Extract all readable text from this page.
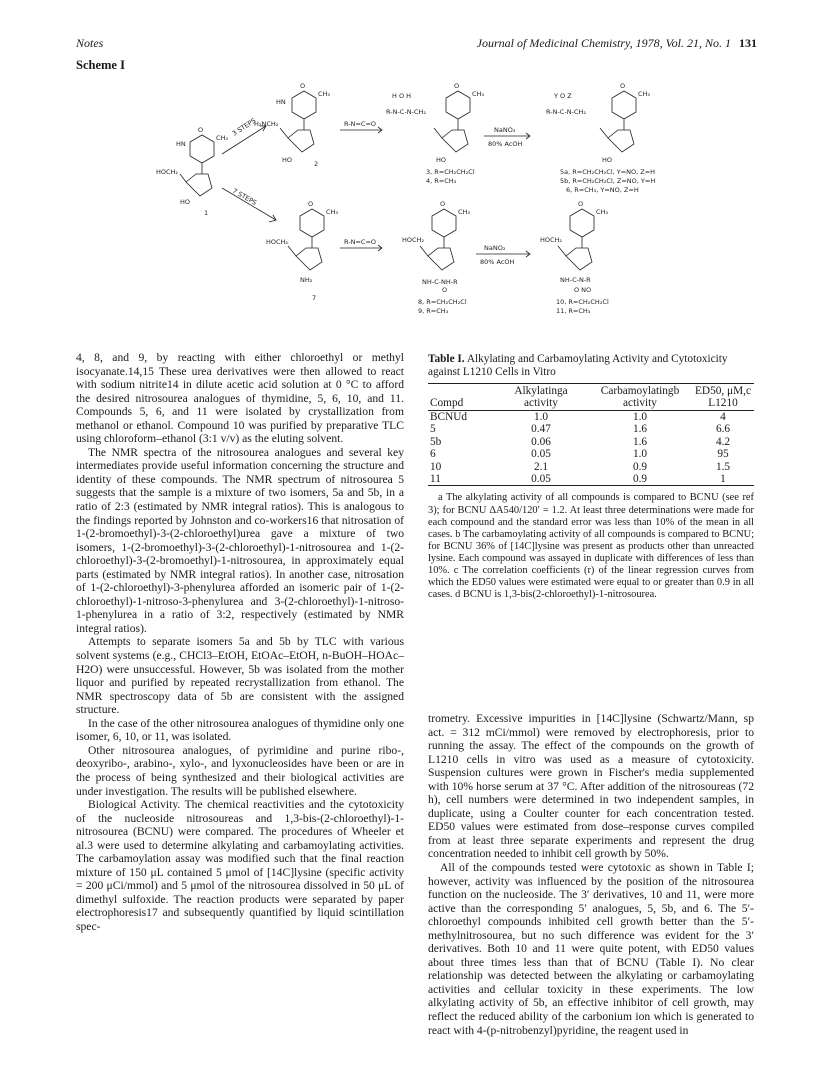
Notes	Journal of Medicinal Chemistry, 1978, Vol. 21, No. 1 131
Scheme I
O
CH₃
HN
HOCH₂
HO
1
O
CH₃
HN
H₂NCH₂
HO	2
R-N=C=O
3 STEPS
7 STEPS
H O H
R-N-C-N-CH₂
O
CH₃
HO
3, R=CH₂CH₂Cl
4, R=CH₃
NaNO₂
80% AcOH
Y O Z
R-N-C-N-CH₂
O
CH₃
HO
5a, R=CH₂CH₂Cl, Y=NO, Z=H
5b, R=CH₂CH₂Cl, Z=NO, Y=H
6, R=CH₃, Y=NO, Z=H
O
CH₃
HOCH₂
NH₂
7
R-N=C=O
O
CH₃
HOCH₂
NH-C-NH-R
O
8, R=CH₂CH₂Cl
9, R=CH₃
NaNO₂
80% AcOH
O
CH₃
HOCH₂
NH-C-N-R
O NO
10, R=CH₂CH₂Cl
11, R=CH₃

4, 8, and 9, by reacting with either chloroethyl or methyl isocyanate.14,15 These urea derivatives were then allowed to react with sodium nitrite14 in dilute acetic acid solution at 0 °C to afford the desired nitrosourea analogues of thymidine, 5, 6, 10, and 11. Compounds 5, 6, and 11 were isolated by crystallization from methanol or ethanol. Compound 10 was purified by preparative TLC using chloroform–ethanol (3:1 v/v) as the eluting solvent.

The NMR spectra of the nitrosourea analogues and several key intermediates provide useful information concerning the structure and identity of these compounds. The NMR spectrum of nitrosourea 5 suggests that the sample is a mixture of two isomers, 5a and 5b, in a ratio of 2:3 (estimated by NMR integral ratios). This is analogous to the findings reported by Johnston and co-workers16 that nitrosation of 1-(2-bromoethyl)-3-(2-chloroethyl)urea gave a mixture of two isomers, 1-(2-bromoethyl)-3-(2-chloroethyl)-1-nitrosourea and 1-(2-chloroethyl)-3-(2-bromoethyl)-1-nitrosourea, in approximately equal parts (estimated by NMR integral ratios). In another case, nitrosation of 1-(2-chloroethyl)-3-phenylurea afforded an isomeric pair of 1-(2-chloroethyl)-1-nitroso-3-phenylurea and 3-(2-chloroethyl)-1-nitroso-1-phenylurea in a ratio of 3:2, respectively (estimated by NMR integral ratios).

Attempts to separate isomers 5a and 5b by TLC with various solvent systems (e.g., CHCl3–EtOH, EtOAc–EtOH, n-BuOH–HOAc–H2O) were unsuccessful. However, 5b was isolated from the mother liquor and purified by repeated recrystallization from ethanol. The NMR spectroscopy data of 5b are consistent with the assigned structure.

In the case of the other nitrosourea analogues of thymidine only one isomer, 6, 10, or 11, was isolated.

Other nitrosourea analogues, of pyrimidine and purine ribo-, deoxyribo-, arabino-, xylo-, and lyxonucleosides have been or are in the process of being synthesized and their biological activities are under investigation. The results will be published elsewhere.

Biological Activity. The chemical reactivities and the cytotoxicity of the nucleoside nitrosoureas and 1,3-bis-(2-chloroethyl)-1-nitrosourea (BCNU) were compared. The procedures of Wheeler et al.3 were used to determine alkylating and carbamoylating activities. The carbamoylation assay was modified such that the final reaction mixture of 150 μL contained 5 μmol of [14C]lysine (specific activity = 200 μCi/mmol) and 5 μmol of the nitrosourea dissolved in 50 μL of dimethyl sulfoxide. The reaction products were separated by paper electrophoresis17 and subsequently quantified by liquid scintillation spec-

Table I. Alkylating and Carbamoylating Activity and Cytotoxicity against L1210 Cells in Vitro
Compd	Alkylatinga activity	Carbamoylatingb activity	ED50, μM,c L1210
BCNUd	1.0	1.0	4
5	0.47	1.6	6.6
5b	0.06	1.6	4.2
6	0.05	1.0	95
10	2.1	0.9	1.5
11	0.05	0.9	1

a The alkylating activity of all compounds is compared to BCNU (see ref 3); for BCNU ΔA540/120′ = 1.2. At least three determinations were made for each compound and the standard error was less than 10% of the mean in all cases. b The carbamoylating activity of all compounds is compared to BCNU; for BCNU 36% of [14C]lysine was present as products other than unreacted lysine. Each compound was assayed in duplicate with differences of less than 10%. c The correlation coefficients (r) of the linear regression curves from which the ED50 values were estimated were equal to or greater than 0.9 in all cases. d BCNU is 1,3-bis(2-chloroethyl)-1-nitrosourea.

trometry. Excessive impurities in [14C]lysine (Schwartz/Mann, sp act. = 312 mCi/mmol) were removed by electrophoresis, prior to running the assay. The effect of the compounds on the growth of L1210 cells in vitro was used as a measure of cytotoxicity. Suspension cultures were grown in Fischer's media supplemented with 10% horse serum at 37 °C. After addition of the nitrosoureas (72 h), cell numbers were determined in two independent samples, in duplicate, using a Coulter counter for each concentration tested. ED50 values were estimated from dose–response curves compiled from at least three separate experiments and represent the drug concentration needed to inhibit cell growth by 50%.

All of the compounds tested were cytotoxic as shown in Table I; however, activity was influenced by the position of the nitrosourea function on the nucleoside. The 3′ derivatives, 10 and 11, were more active than the corresponding 5′ analogues, 5, 5b, and 6. The 5′-chloroethyl compounds inhibited cell growth better than the 5′-methylnitrosourea, but no such difference was evident for the 3′ derivatives. Both 10 and 11 were quite potent, with ED50 values about three times less than that of BCNU (Table I). No clear relationship was detected between the alkylating or carbamoylating activities and cellular toxicity in these experiments. The low alkylating activity of 5b, an effective inhibitor of cell growth, may reflect the reduced ability of the carbonium ion which is generated to react with 4-(p-nitrobenzyl)pyridine, the reagent used in
